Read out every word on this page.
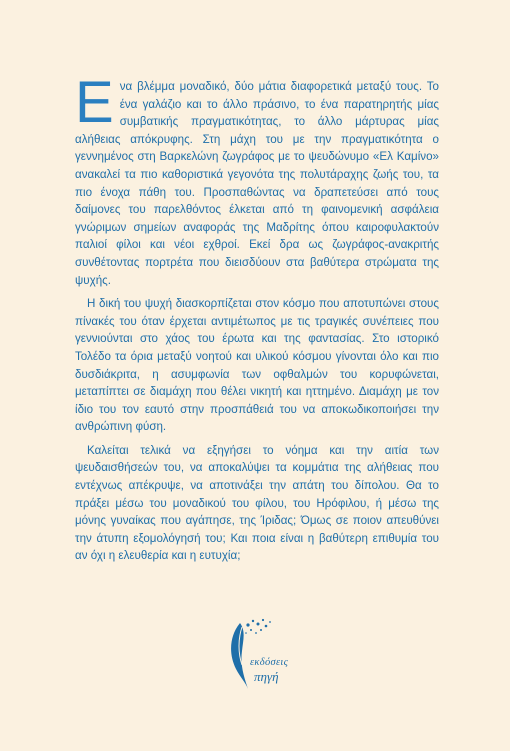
Ενα βλέμμα μοναδικό, δύο μάτια διαφορετικά μεταξύ τους. Το ένα γαλάζιο και το άλλο πράσινο, το ένα παρατηρητής μίας συμβατικής πραγματικότητας, το άλλο μάρτυρας μίας αλήθειας απόκρυφης. Στη μάχη του με την πραγματικότητα ο γεννημένος στη Βαρκελώνη ζωγράφος με το ψευδώνυμο «Ελ Καμίνο» ανακαλεί τα πιο καθοριστικά γεγονότα της πολυτάραχης ζωής του, τα πιο ένοχα πάθη του. Προσπαθώντας να δραπετεύσει από τους δαίμονες του παρελθόντος έλκεται από τη φαινομενική ασφάλεια γνώριμων σημείων αναφοράς της Μαδρίτης όπου καιροφυλακτούν παλιοί φίλοι και νέοι εχθροί. Εκεί δρα ως ζωγράφος-ανακριτής συνθέτοντας πορτρέτα που διεισδύουν στα βαθύτερα στρώματα της ψυχής.

Η δική του ψυχή διασκορπίζεται στον κόσμο που αποτυπώνει στους πίνακές του όταν έρχεται αντιμέτωπος με τις τραγικές συνέπειες που γεννιούνται στο χάος του έρωτα και της φαντασίας. Στο ιστορικό Τολέδο τα όρια μεταξύ νοητού και υλικού κόσμου γίνονται όλο και πιο δυσδιάκριτα, η ασυμφωνία των οφθαλμών του κορυφώνεται, μεταπίπτει σε διαμάχη που θέλει νικητή και ηττημένο. Διαμάχη με τον ίδιο του τον εαυτό στην προσπάθειά του να αποκωδικοποιήσει την ανθρώπινη φύση.

Καλείται τελικά να εξηγήσει το νόημα και την αιτία των ψευδαισθήσεών του, να αποκαλύψει τα κομμάτια της αλήθειας που εντέχνως απέκρυψε, να αποτινάξει την απάτη του δίπολου. Θα το πράξει μέσω του μοναδικού του φίλου, του Ηρόφιλου, ή μέσω της μόνης γυναίκας που αγάπησε, της Ίριδας; Όμως σε ποιον απευθύνει την άτυπη εξομολόγησή του; Και ποια είναι η βαθύτερη επιθυμία του αν όχι η ελευθερία και η ευτυχία;

εκδόσεις
πηγή
